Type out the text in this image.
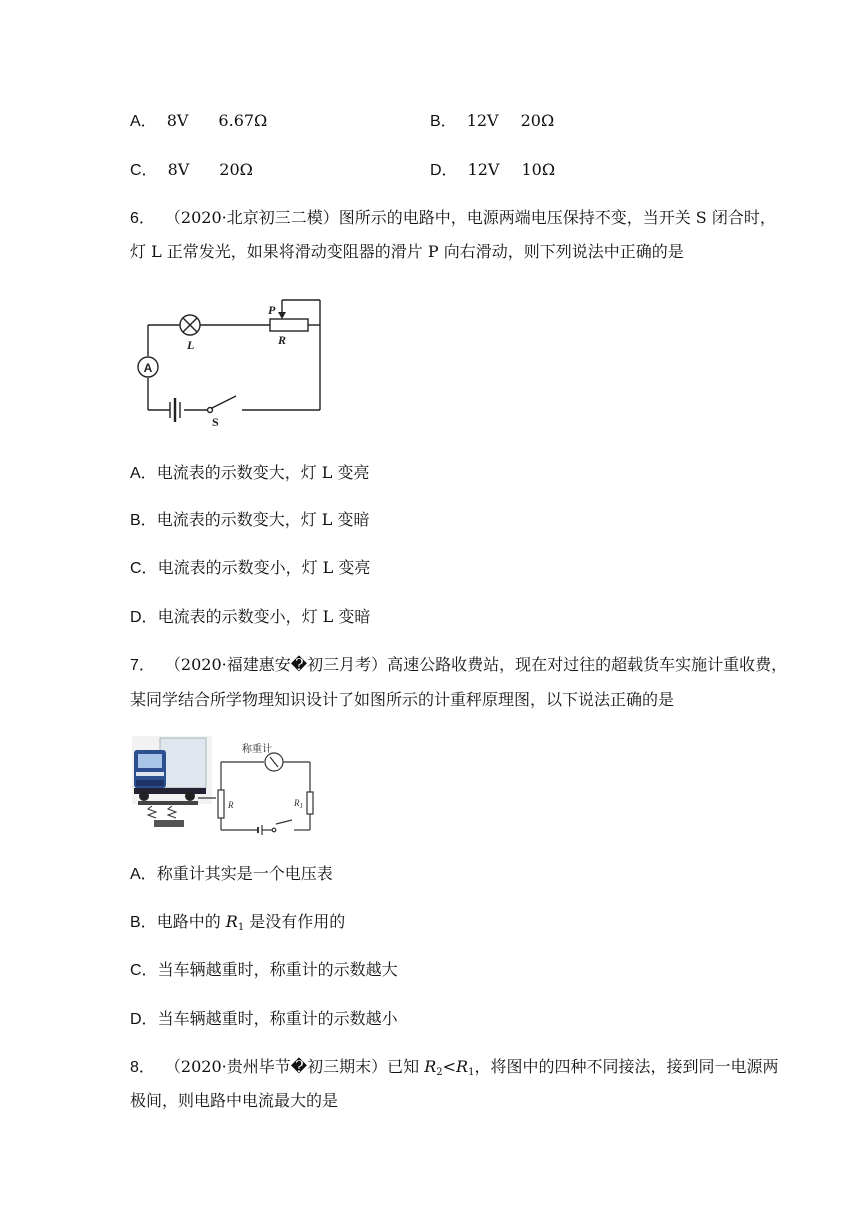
A． 8V 6.67Ω	B． 12V 20Ω
C． 8V 20Ω	D． 12V 10Ω
6． （2020·北京初三二模）图所示的电路中，电源两端电压保持不变，当开关 S 闭合时，
灯 L 正常发光，如果将滑动变阻器的滑片 P 向右滑动，则下列说法中正确的是
A
L
P
R
S
A．电流表的示数变大，灯 L 变亮
B．电流表的示数变大，灯 L 变暗
C．电流表的示数变小，灯 L 变亮
D．电流表的示数变小，灯 L 变暗
7． （2020·福建惠安�初三月考）高速公路收费站，现在对过往的超载货车实施计重收费，
某同学结合所学物理知识设计了如图所示的计重秤原理图，以下说法正确的是
称重计
R	$R_1$
A．称重计其实是一个电压表
B．电路中的 $R_1$ 是没有作用的
C．当车辆越重时，称重计的示数越大
D．当车辆越重时，称重计的示数越小
8． （2020·贵州毕节�初三期末）已知 $R_2<R_1$，将图中的四种不同接法，接到同一电源两
极间，则电路中电流最大的是
